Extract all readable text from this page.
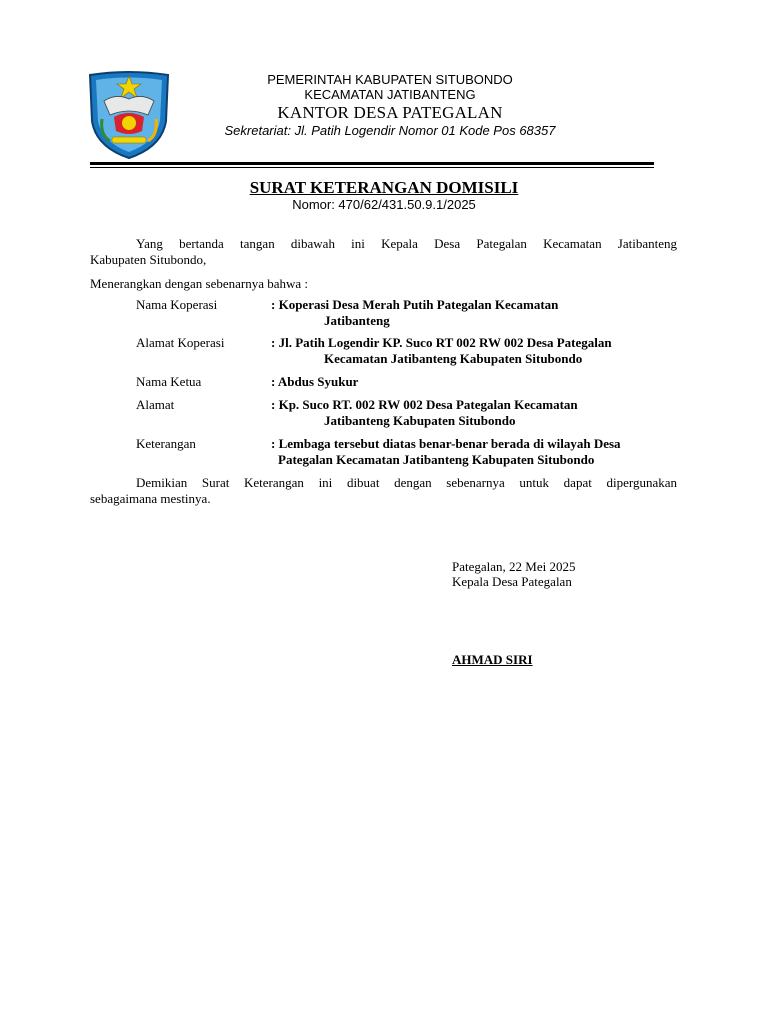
PEMERINTAH KABUPATEN SITUBONDO
KECAMATAN JATIBANTENG
KANTOR DESA PATEGALAN
Sekretariat: Jl. Patih Logendir Nomor 01 Kode Pos 68357
SURAT KETERANGAN DOMISILI
Nomor: 470/62/431.50.9.1/2025
Yang bertanda tangan dibawah ini Kepala Desa Pategalan Kecamatan Jatibanteng
Kabupaten Situbondo,
Menerangkan dengan sebenarnya bahwa :
Nama Koperasi	: Koperasi Desa Merah Putih Pategalan Kecamatan
Jatibanteng
Alamat Koperasi	: Jl. Patih Logendir KP. Suco RT 002 RW 002 Desa Pategalan
Kecamatan Jatibanteng Kabupaten Situbondo
Nama Ketua	: Abdus Syukur
Alamat	: Kp. Suco RT. 002 RW 002 Desa Pategalan Kecamatan
Jatibanteng Kabupaten Situbondo
Keterangan	: Lembaga tersebut diatas benar-benar berada di wilayah Desa
Pategalan Kecamatan Jatibanteng Kabupaten Situbondo
Demikian Surat Keterangan ini dibuat dengan sebenarnya untuk dapat dipergunakan
sebagaimana mestinya.
Pategalan, 22 Mei 2025
Kepala Desa Pategalan
AHMAD SIRI
